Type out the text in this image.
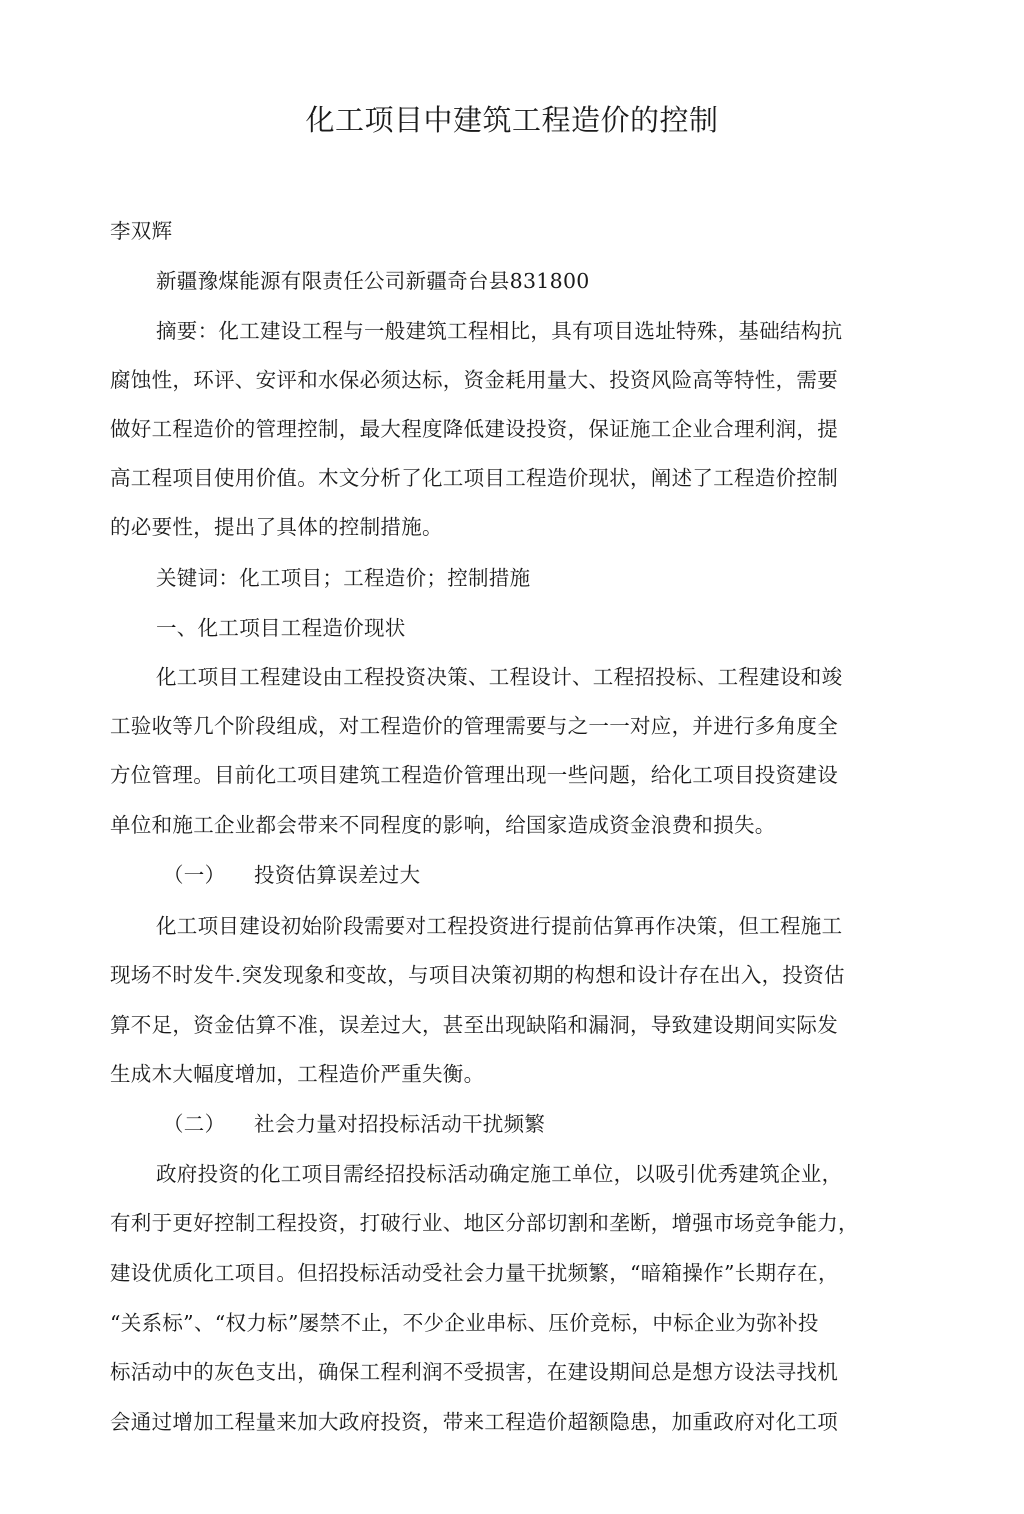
化工项目中建筑工程造价的控制
李双辉
新疆豫煤能源有限责任公司新疆奇台县831800
摘要：化工建设工程与一般建筑工程相比，具有项目选址特殊，基础结构抗
腐蚀性，环评、安评和水保必须达标，资金耗用量大、投资风险高等特性，需要
做好工程造价的管理控制，最大程度降低建设投资，保证施工企业合理利润，提
高工程项目使用价值。木文分析了化工项目工程造价现状，阐述了工程造价控制
的必要性，提出了具体的控制措施。
关键词：化工项目；工程造价；控制措施
一、化工项目工程造价现状
化工项目工程建设由工程投资决策、工程设计、工程招投标、工程建设和竣
工验收等几个阶段组成，对工程造价的管理需要与之一一对应，并进行多角度全
方位管理。目前化工项目建筑工程造价管理出现一些问题，给化工项目投资建设
单位和施工企业都会带来不同程度的影响，给国家造成资金浪费和损失。
（一） 投资估算误差过大
化工项目建设初始阶段需要对工程投资进行提前估算再作决策，但工程施工
现场不时发牛.突发现象和变故，与项目决策初期的构想和设计存在出入，投资估
算不足，资金估算不准，误差过大，甚至出现缺陷和漏洞，导致建设期间实际发
生成木大幅度增加，工程造价严重失衡。
（二） 社会力量对招投标活动干扰频繁
政府投资的化工项目需经招投标活动确定施工单位，以吸引优秀建筑企业，
有利于更好控制工程投资，打破行业、地区分部切割和垄断，增强市场竞争能力，
建设优质化工项目。但招投标活动受社会力量干扰频繁，“暗箱操作”长期存在，
“关系标”、“权力标”屡禁不止，不少企业串标、压价竞标，中标企业为弥补投
标活动中的灰色支出，确保工程利润不受损害，在建设期间总是想方设法寻找机
会通过增加工程量来加大政府投资，带来工程造价超额隐患，加重政府对化工项
